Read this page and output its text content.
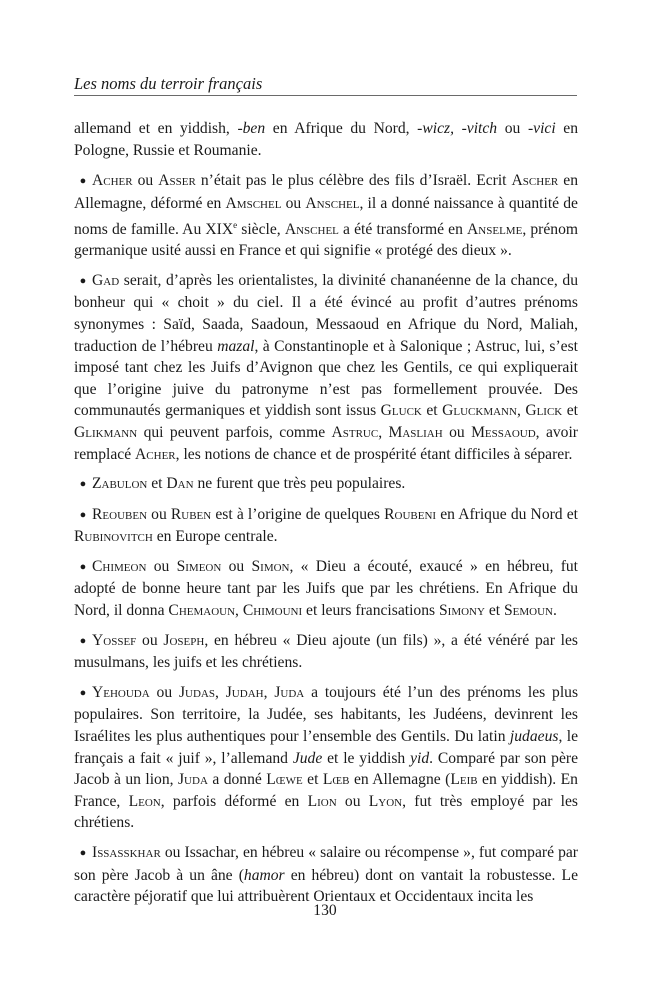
Les noms du terroir français

allemand et en yiddish, -ben en Afrique du Nord, -wicz, -vitch ou -vici en Pologne, Russie et Roumanie.

● Acher ou Asser n’était pas le plus célèbre des fils d’Israël. Ecrit Ascher en Allemagne, déformé en Amschel ou Anschel, il a donné naissance à quantité de noms de famille. Au XIXe siècle, Anschel a été transformé en Anselme, prénom germanique usité aussi en France et qui signifie « protégé des dieux ».

● Gad serait, d’après les orientalistes, la divinité chananéenne de la chance, du bonheur qui « choit » du ciel. Il a été évincé au profit d’autres prénoms synonymes : Saïd, Saada, Saadoun, Messaoud en Afrique du Nord, Maliah, traduction de l’hébreu mazal, à Constantinople et à Salonique ; Astruc, lui, s’est imposé tant chez les Juifs d’Avignon que chez les Gentils, ce qui expliquerait que l’origine juive du patronyme n’est pas formellement prouvée. Des communautés germaniques et yiddish sont issus Gluck et Gluckmann, Glick et Glikmann qui peuvent parfois, comme Astruc, Masliah ou Messaoud, avoir remplacé Acher, les notions de chance et de prospérité étant difficiles à séparer.

● Zabulon et Dan ne furent que très peu populaires.

● Reouben ou Ruben est à l’origine de quelques Roubeni en Afrique du Nord et Rubinovitch en Europe centrale.

● Chimeon ou Simeon ou Simon, « Dieu a écouté, exaucé » en hébreu, fut adopté de bonne heure tant par les Juifs que par les chrétiens. En Afrique du Nord, il donna Chemaoun, Chimouni et leurs francisations Simony et Semoun.

● Yossef ou Joseph, en hébreu « Dieu ajoute (un fils) », a été vénéré par les musulmans, les juifs et les chrétiens.

● Yehouda ou Judas, Judah, Juda a toujours été l’un des prénoms les plus populaires. Son territoire, la Judée, ses habitants, les Judéens, devinrent les Israélites les plus authentiques pour l’ensemble des Gentils. Du latin judaeus, le français a fait « juif », l’allemand Jude et le yiddish yid. Comparé par son père Jacob à un lion, Juda a donné Lœwe et Lœb en Allemagne (Leib en yiddish). En France, Leon, parfois déformé en Lion ou Lyon, fut très employé par les chrétiens.

● Issasskhar ou Issachar, en hébreu « salaire ou récompense », fut comparé par son père Jacob à un âne (hamor en hébreu) dont on vantait la robustesse. Le caractère péjoratif que lui attribuèrent Orientaux et Occidentaux incita les

130
